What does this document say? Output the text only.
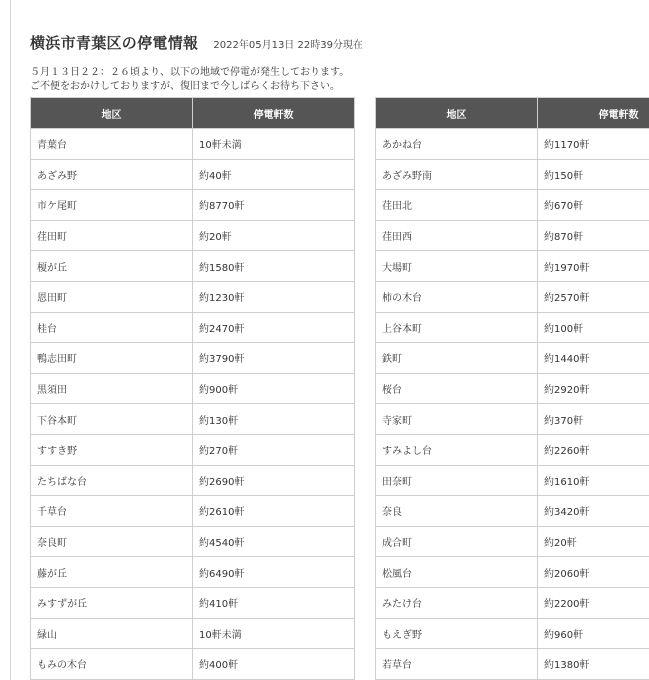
横浜市青葉区の停電情報 2022年05月13日 22時39分現在
５月１３日２２：２６頃より、以下の地域で停電が発生しております。
ご不便をおかけしておりますが、復旧まで今しばらくお待ち下さい。
地区	停電軒数
青葉台	10軒未満
あざみ野	約40軒
市ケ尾町	約8770軒
荏田町	約20軒
榎が丘	約1580軒
恩田町	約1230軒
桂台	約2470軒
鴨志田町	約3790軒
黒須田	約900軒
下谷本町	約130軒
すすき野	約270軒
たちばな台	約2690軒
千草台	約2610軒
奈良町	約4540軒
藤が丘	約6490軒
みすずが丘	約410軒
緑山	10軒未満
もみの木台	約400軒
地区	停電軒数
あかね台	約1170軒
あざみ野南	約150軒
荏田北	約670軒
荏田西	約870軒
大場町	約1970軒
柿の木台	約2570軒
上谷本町	約100軒
鉄町	約1440軒
桜台	約2920軒
寺家町	約370軒
すみよし台	約2260軒
田奈町	約1610軒
奈良	約3420軒
成合町	約20軒
松風台	約2060軒
みたけ台	約2200軒
もえぎ野	約960軒
若草台	約1380軒
